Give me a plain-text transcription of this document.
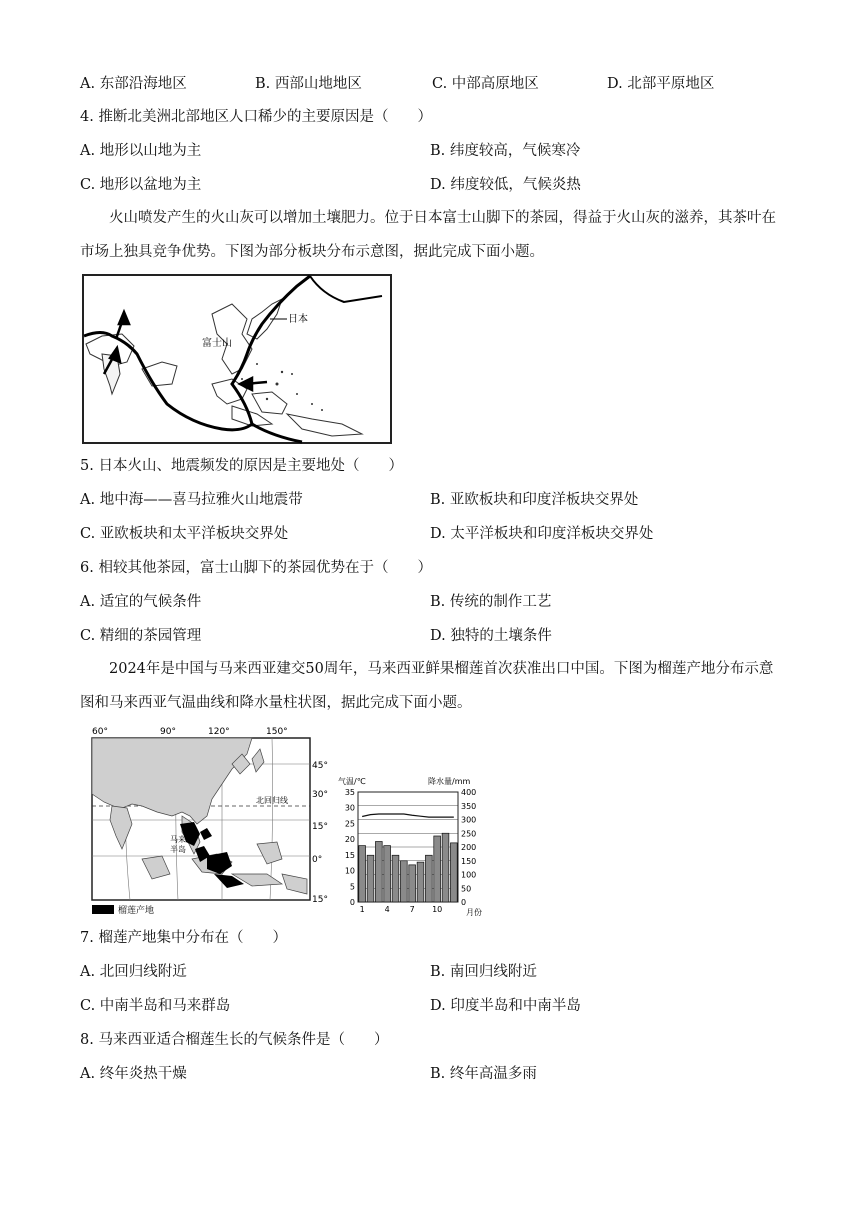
A. 东部沿海地区	B. 西部山地地区	C. 中部高原地区	D. 北部平原地区
4. 推断北美洲北部地区人口稀少的主要原因是（　　）
A. 地形以山地为主	B. 纬度较高，气候寒冷
C. 地形以盆地为主	D. 纬度较低，气候炎热
火山喷发产生的火山灰可以增加土壤肥力。位于日本富士山脚下的茶园，得益于火山灰的滋养，其茶叶在市场上独具竞争优势。下图为部分板块分布示意图，据此完成下面小题。
日本
富士山
5. 日本火山、地震频发的原因是主要地处（　　）
A. 地中海——喜马拉雅火山地震带	B. 亚欧板块和印度洋板块交界处
C. 亚欧板块和太平洋板块交界处	D. 太平洋板块和印度洋板块交界处
6. 相较其他茶园，富士山脚下的茶园优势在于（　　）
A. 适宜的气候条件	B. 传统的制作工艺
C. 精细的茶园管理	D. 独特的土壤条件
2024年是中国与马来西亚建交50周年，马来西亚鲜果榴莲首次获准出口中国。下图为榴莲产地分布示意图和马来西亚气温曲线和降水量柱状图，据此完成下面小题。
60°	90°	120°	150°
北回归线
马来
半岛
45°
30°
15°
0°
15°
榴莲产地
气温/℃	降水量/mm
0
5
10
15
20
25
30
35
0
50
100
150
200
250
300
350
400
1 4 7 10	月份
7. 榴莲产地集中分布在（　　）
A. 北回归线附近	B. 南回归线附近
C. 中南半岛和马来群岛	D. 印度半岛和中南半岛
8. 马来西亚适合榴莲生长的气候条件是（　　）
A. 终年炎热干燥	B. 终年高温多雨
